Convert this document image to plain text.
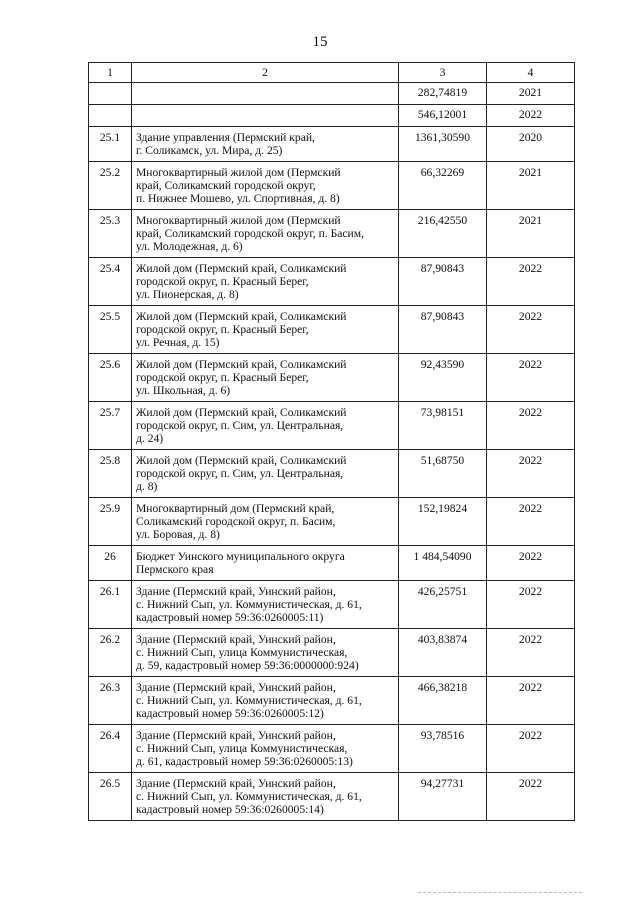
15
1	2	3	4
		282,74819	2021
		546,12001	2022
25.1	Здание управления (Пермский край,
г. Соликамск, ул. Мира, д. 25)	1361,30590	2020
25.2	Многоквартирный жилой дом (Пермский
край, Соликамский городской округ,
п. Нижнее Мошево, ул. Спортивная, д. 8)	66,32269	2021
25.3	Многоквартирный жилой дом (Пермский
край, Соликамский городской округ, п. Басим,
ул. Молодежная, д. 6)	216,42550	2021
25.4	Жилой дом (Пермский край, Соликамский
городской округ, п. Красный Берег,
ул. Пионерская, д. 8)	87,90843	2022
25.5	Жилой дом (Пермский край, Соликамский
городской округ, п. Красный Берег,
ул. Речная, д. 15)	87,90843	2022
25.6	Жилой дом (Пермский край, Соликамский
городской округ, п. Красный Берег,
ул. Школьная, д. 6)	92,43590	2022
25.7	Жилой дом (Пермский край, Соликамский
городской округ, п. Сим, ул. Центральная,
д. 24)	73,98151	2022
25.8	Жилой дом (Пермский край, Соликамский
городской округ, п. Сим, ул. Центральная,
д. 8)	51,68750	2022
25.9	Многоквартирный дом (Пермский край,
Соликамский городской округ, п. Басим,
ул. Боровая, д. 8)	152,19824	2022
26	Бюджет Уинского муниципального округа
Пермского края	1 484,54090	2022
26.1	Здание (Пермский край, Уинский район,
с. Нижний Сып, ул. Коммунистическая, д. 61,
кадастровый номер 59:36:0260005:11)	426,25751	2022
26.2	Здание (Пермский край, Уинский район,
с. Нижний Сып, улица Коммунистическая,
д. 59, кадастровый номер 59:36:0000000:924)	403,83874	2022
26.3	Здание (Пермский край, Уинский район,
с. Нижний Сып, ул. Коммунистическая, д. 61,
кадастровый номер 59:36:0260005:12)	466,38218	2022
26.4	Здание (Пермский край, Уинский район,
с. Нижний Сып, улица Коммунистическая,
д. 61, кадастровый номер 59:36:0260005:13)	93,78516	2022
26.5	Здание (Пермский край, Уинский район,
с. Нижний Сып, ул. Коммунистическая, д. 61,
кадастровый номер 59:36:0260005:14)	94,27731	2022
